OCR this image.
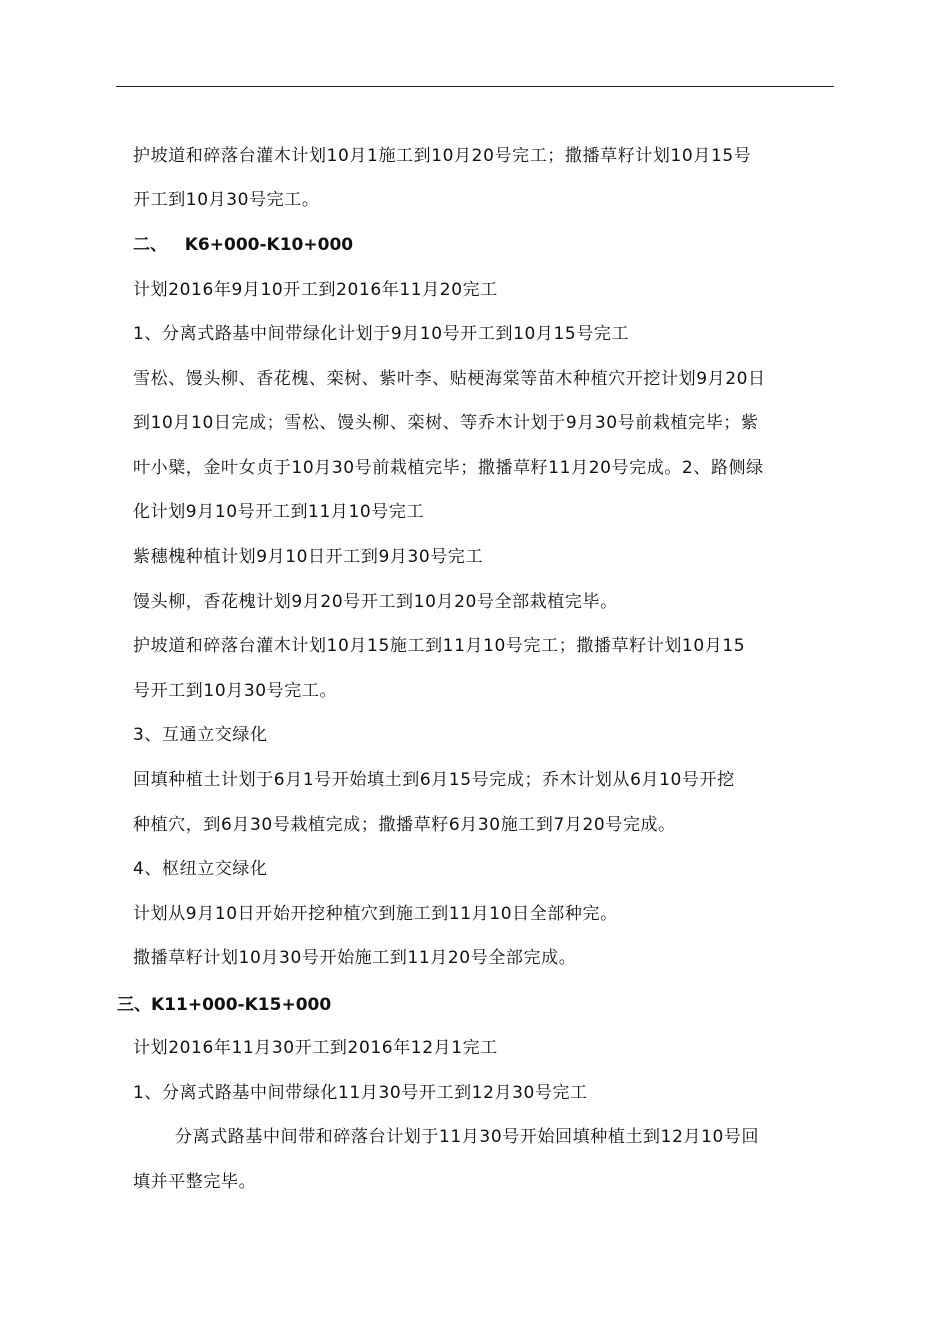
护坡道和碎落台灌木计划10月1施工到10月20号完工；撒播草籽计划10月15号
开工到10月30号完工。
二、   K6+000-K10+000
计划2016年9月10开工到2016年11月20完工
1、分离式路基中间带绿化计划于9月10号开工到10月15号完工
雪松、馒头柳、香花槐、栾树、紫叶李、贴梗海棠等苗木种植穴开挖计划9月20日
到10月10日完成；雪松、馒头柳、栾树、等乔木计划于9月30号前栽植完毕；紫
叶小檗，金叶女贞于10月30号前栽植完毕；撒播草籽11月20号完成。2、路侧绿
化计划9月10号开工到11月10号完工
紫穗槐种植计划9月10日开工到9月30号完工
馒头柳，香花槐计划9月20号开工到10月20号全部栽植完毕。
护坡道和碎落台灌木计划10月15施工到11月10号完工；撒播草籽计划10月15
号开工到10月30号完工。
3、互通立交绿化
回填种植土计划于6月1号开始填土到6月15号完成；乔木计划从6月10号开挖
种植穴，到6月30号栽植完成；撒播草籽6月30施工到7月20号完成。
4、枢纽立交绿化
计划从9月10日开始开挖种植穴到施工到11月10日全部种完。
撒播草籽计划10月30号开始施工到11月20号全部完成。
三、K11+000-K15+000
计划2016年11月30开工到2016年12月1完工
1、分离式路基中间带绿化11月30号开工到12月30号完工
分离式路基中间带和碎落台计划于11月30号开始回填种植土到12月10号回
填并平整完毕。
